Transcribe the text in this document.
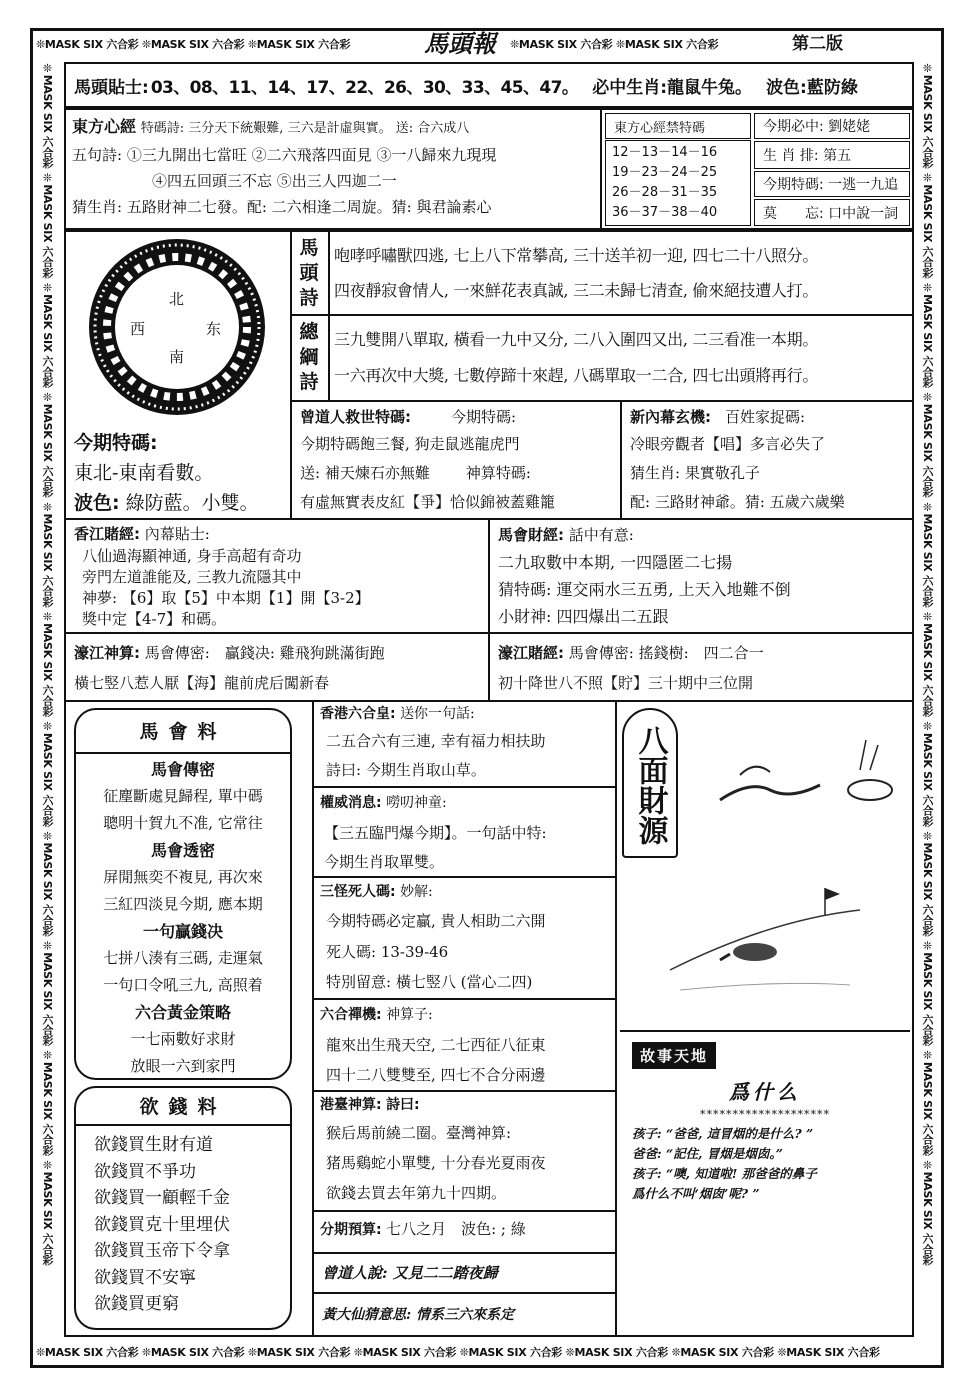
❊MASK SIX 六合彩 ❊MASK SIX 六合彩 ❊MASK SIX 六合彩	❊MASK SIX 六合彩 ❊MASK SIX 六合彩
❊MASK SIX 六合彩 ❊MASK SIX 六合彩 ❊MASK SIX 六合彩 ❊MASK SIX 六合彩 ❊MASK SIX 六合彩 ❊MASK SIX 六合彩 ❊MASK SIX 六合彩 ❊MASK SIX 六合彩
❊MASK SIX 六合彩 ❊MASK SIX 六合彩 ❊MASK SIX 六合彩 ❊MASK SIX 六合彩 ❊MASK SIX 六合彩 ❊MASK SIX 六合彩 ❊MASK SIX 六合彩 ❊MASK SIX 六合彩 ❊MASK SIX 六合彩 ❊MASK SIX 六合彩 ❊MASK SIX 六合彩	❊MASK SIX 六合彩 ❊MASK SIX 六合彩 ❊MASK SIX 六合彩 ❊MASK SIX 六合彩 ❊MASK SIX 六合彩 ❊MASK SIX 六合彩 ❊MASK SIX 六合彩 ❊MASK SIX 六合彩 ❊MASK SIX 六合彩 ❊MASK SIX 六合彩 ❊MASK SIX 六合彩
馬頭報	第二版
馬頭貼士: 03、08、11、14、17、22、26、30、33、45、47。 必中生肖: 龍鼠牛兔。 波色: 藍防綠
東方心經 特碼詩: 三分天下統艱難, 三六是計虛與實。 送: 合六成八
五句詩: ①三九開出七當旺 ②二六飛落四面見 ③一八歸來九現現
④四五回頭三不忘 ⑤出三人四迦二一
猜生肖: 五路財神二七發。配: 二六相逢二周旋。猜: 與君論素心
東方心經禁特碼
12－13－14－16
19－23－24－25
26－28－31－35
36－37－38－40
今期必中:
劉姥姥
生 肖 排:
第五
今期特碼:
一逃一九追
莫　　忘:
口中說一詞
北
南
东
西
今期特碼:
東北-東南看數。
波色: 綠防藍。小雙。
馬頭詩
咆哮呼嘯獸四逃, 七上八下常攀高, 三十送羊初一迎, 四七二十八照分。
四夜靜寂會情人, 一來鮮花表真誠, 三二未歸七清查, 偷來絕技遭人打。
總綱詩
三九雙開八單取, 橫看一九中又分, 二八入圍四又出, 二三看准一本期。
一六再次中大獎, 七數停蹄十來趕, 八碼單取一二合, 四七出頭將再行。
曾道人救世特碼:	今期特碼:
今期特碼飽三餐, 狗走鼠逃龍虎門
送: 補天煉石亦無難 神算特碼:
有虛無實表皮紅【爭】恰似錦被蓋雞籠
新內幕玄機: 百姓家捉碼:
冷眼旁觀者【唱】多言必失了
猜生肖: 果實敬孔子
配: 三路財神爺。猜: 五歲六歲樂
香江賭經: 內幕貼士:
八仙過海顯神通, 身手高超有奇功
旁門左道誰能及, 三教九流隱其中
神夢: 【6】取【5】中本期【1】開【3-2】
獎中定【4-7】和碼。
馬會財經: 話中有意:
二九取數中本期, 一四隱匿二七揚
猜特碼: 運交兩水三五勇, 上天入地難不倒
小財神: 四四爆出二五跟
濠江神算: 馬會傳密:　贏錢决: 雞飛狗跳滿街跑
橫七竪八惹人厭【海】龍前虎后闖新春
濠江賭經: 馬會傳密: 搖錢樹:　四二合一
初十降世八不照【貯】三十期中三位開
馬會料
馬會傳密
征塵斷處見歸程, 單中碼
聰明十賀九不准, 它常往
馬會透密
屏閒無奕不複見, 再次來
三紅四淡見今期, 應本期
一句贏錢决
七拼八湊有三碼, 走運氣
一句口令吼三九, 高照着
六合黃金策略
一七兩數好求財
放眼一六到家門
欲錢料
欲錢買生財有道
欲錢買不爭功
欲錢買一顧輕千金
欲錢買克十里埋伏
欲錢買玉帝下令拿
欲錢買不安寧
欲錢買更窮
香港六合皇: 送你一句話:
二五合六有三連, 幸有福力相扶助
詩曰: 今期生肖取山草。
權威消息: 嘮叨神童:
【三五臨門爆今期】。一句話中特:
今期生肖取單雙。
三怪死人碼: 妙解:
今期特碼必定贏, 貴人相助二六開
死人碼: 13-39-46
特別留意: 橫七竪八 (當心二四)
六合禪機: 神算子:
龍來出生飛天空, 二七西征八征東
四十二八雙雙至, 四七不合分兩邊
港臺神算: 詩曰:
猴后馬前繞二圈。臺灣神算:
猪馬鷄蛇小單雙, 十分春光夏雨夜
欲錢去買去年第九十四期。
分期預算: 七八之月　波色: ; 綠
曾道人說: 又見二二踏夜歸
黃大仙猜意思: 情系三六來系定
八面財源
故事天地
爲什么
********************
孩子: “爸爸, 這冒烟的是什么? ”
爸爸: “記住, 冒烟是烟囱。”
孩子: “噢, 知道啦! 那爸爸的鼻子
爲什么不叫‘烟囱’呢? ”
